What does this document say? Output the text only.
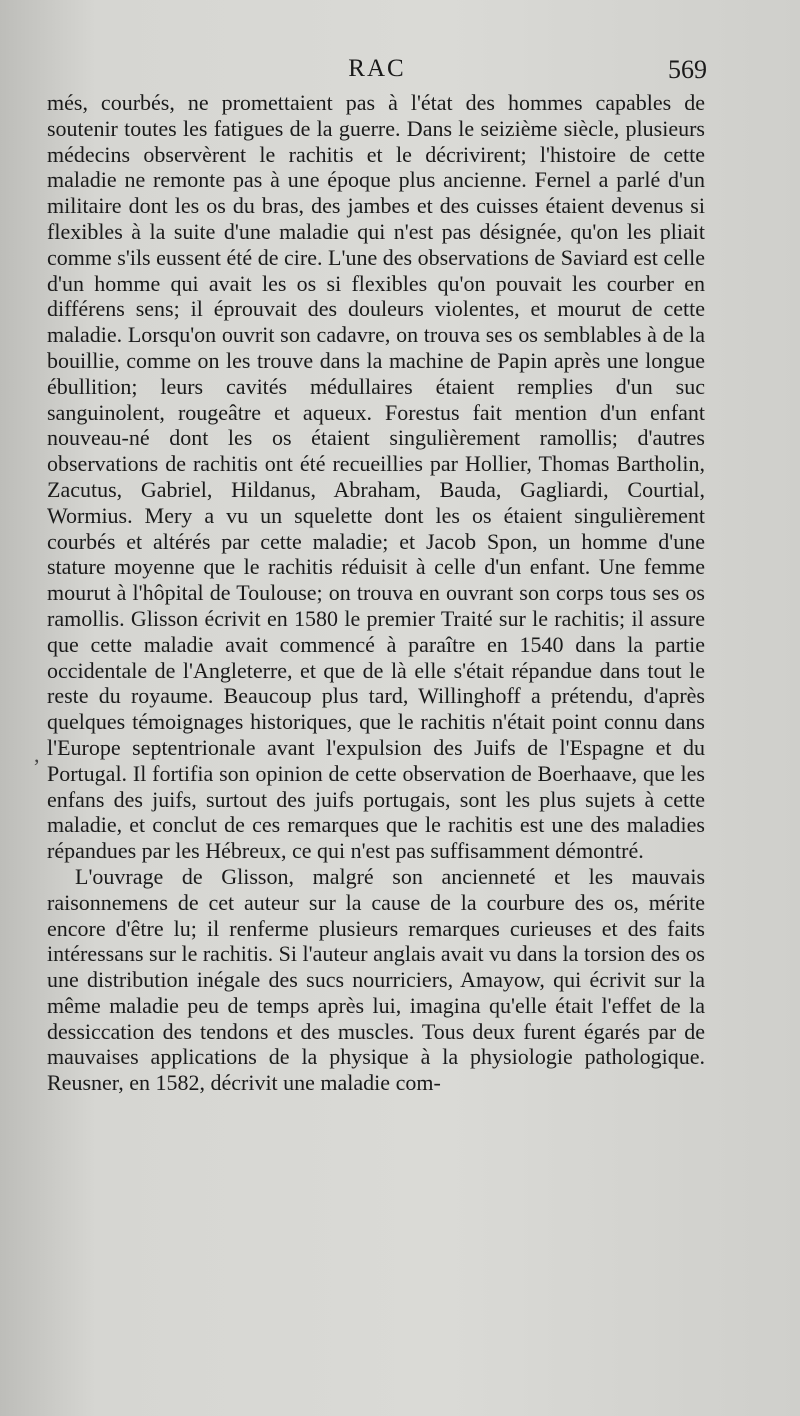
RAC	569

més, courbés, ne promettaient pas à l'état des hommes capables de soutenir toutes les fatigues de la guerre. Dans le seizième siècle, plusieurs médecins observèrent le rachitis et le décrivirent; l'histoire de cette maladie ne remonte pas à une époque plus ancienne. Fernel a parlé d'un militaire dont les os du bras, des jambes et des cuisses étaient devenus si flexibles à la suite d'une maladie qui n'est pas désignée, qu'on les pliait comme s'ils eussent été de cire. L'une des observations de Saviard est celle d'un homme qui avait les os si flexibles qu'on pouvait les courber en différens sens; il éprouvait des douleurs violentes, et mourut de cette maladie. Lorsqu'on ouvrit son cadavre, on trouva ses os semblables à de la bouillie, comme on les trouve dans la machine de Papin après une longue ébullition; leurs cavités médullaires étaient remplies d'un suc sanguinolent, rougeâtre et aqueux. Forestus fait mention d'un enfant nouveau-né dont les os étaient singulièrement ramollis; d'autres observations de rachitis ont été recueillies par Hollier, Thomas Bartholin, Zacutus, Gabriel, Hildanus, Abraham, Bauda, Gagliardi, Courtial, Wormius. Mery a vu un squelette dont les os étaient singulièrement courbés et altérés par cette maladie; et Jacob Spon, un homme d'une stature moyenne que le rachitis réduisit à celle d'un enfant. Une femme mourut à l'hôpital de Toulouse; on trouva en ouvrant son corps tous ses os ramollis. Glisson écrivit en 1580 le premier Traité sur le rachitis; il assure que cette maladie avait commencé à paraître en 1540 dans la partie occidentale de l'Angleterre, et que de là elle s'était répandue dans tout le reste du royaume. Beaucoup plus tard, Willinghoff a prétendu, d'après quelques témoignages historiques, que le rachitis n'était point connu dans l'Europe septentrionale avant l'expulsion des Juifs de l'Espagne et du Portugal. Il fortifia son opinion de cette observation de Boerhaave, que les enfans des juifs, surtout des juifs portugais, sont les plus sujets à cette maladie, et conclut de ces remarques que le rachitis est une des maladies répandues par les Hébreux, ce qui n'est pas suffisamment démontré.

L'ouvrage de Glisson, malgré son ancienneté et les mauvais raisonnemens de cet auteur sur la cause de la courbure des os, mérite encore d'être lu; il renferme plusieurs remarques curieuses et des faits intéressans sur le rachitis. Si l'auteur anglais avait vu dans la torsion des os une distribution inégale des sucs nourriciers, Amayow, qui écrivit sur la même maladie peu de temps après lui, imagina qu'elle était l'effet de la dessiccation des tendons et des muscles. Tous deux furent égarés par de mauvaises applications de la physique à la physiologie pathologique. Reusner, en 1582, décrivit une maladie com-

,
